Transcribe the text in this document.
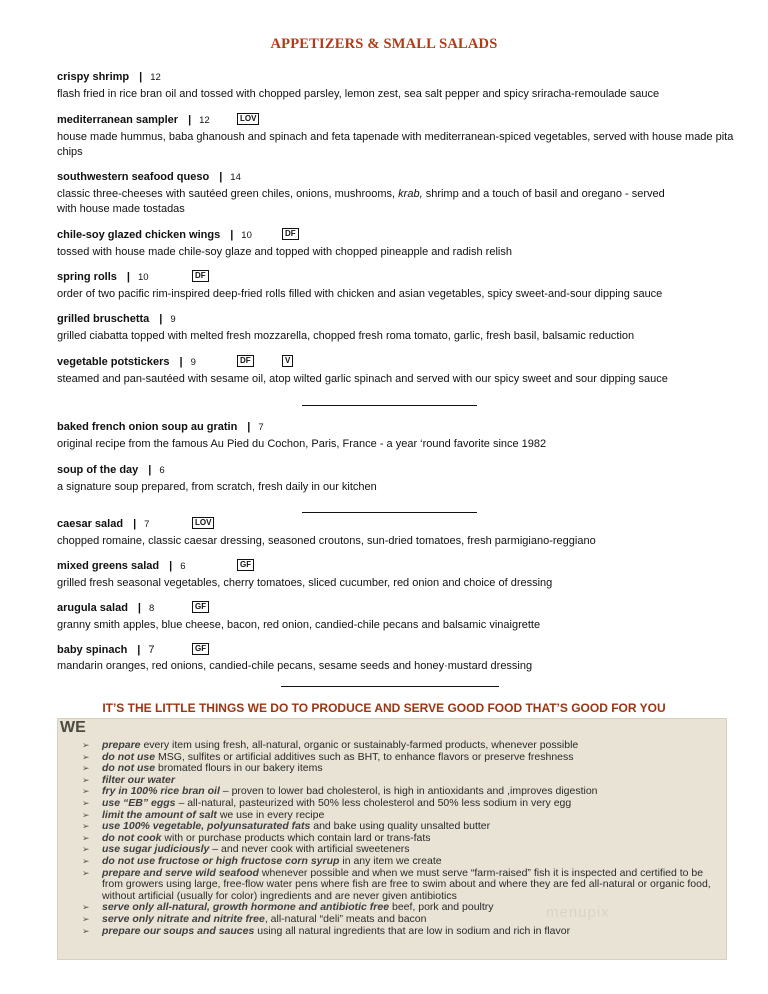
APPETIZERS & SMALL SALADS
crispy shrimp | 12
flash fried in rice bran oil and tossed with chopped parsley, lemon zest, sea salt pepper and spicy sriracha-remoulade sauce
mediterranean sampler | 12	LOV
house made hummus, baba ghanoush and spinach and feta tapenade with mediterranean-spiced vegetables, served with house made pita chips
southwestern seafood queso | 14
classic three-cheeses with sautéed green chiles, onions, mushrooms, krab, shrimp and a touch of basil and oregano - served with house made tostadas
chile-soy glazed chicken wings | 10	DF
tossed with house made chile-soy glaze and topped with chopped pineapple and radish relish
spring rolls | 10	DF
order of two pacific rim-inspired deep-fried rolls filled with chicken and asian vegetables, spicy sweet-and-sour dipping sauce
grilled bruschetta | 9
grilled ciabatta topped with melted fresh mozzarella, chopped fresh roma tomato, garlic, fresh basil, balsamic reduction
vegetable potstickers | 9	DF	V
steamed and pan-sautéed with sesame oil, atop wilted garlic spinach and served with our spicy sweet and sour dipping sauce
baked french onion soup au gratin | 7
original recipe from the famous Au Pied du Cochon, Paris, France - a year ‘round favorite since 1982
soup of the day | 6
a signature soup prepared, from scratch, fresh daily in our kitchen
caesar salad | 7	LOV
chopped romaine, classic caesar dressing, seasoned croutons, sun-dried tomatoes, fresh parmigiano-reggiano
mixed greens salad | 6	GF
grilled fresh seasonal vegetables, cherry tomatoes, sliced cucumber, red onion and choice of dressing
arugula salad | 8	GF
granny smith apples, blue cheese, bacon, red onion, candied-chile pecans and balsamic vinaigrette
baby spinach | 7	GF
mandarin oranges, red onions, candied-chile pecans, sesame seeds and honey·mustard dressing
IT’S THE LITTLE THINGS WE DO TO PRODUCE AND SERVE GOOD FOOD THAT’S GOOD FOR YOU
WE
➢ prepare every item using fresh, all-natural, organic or sustainably-farmed products, whenever possible
➢ do not use MSG, sulfites or artificial additives such as BHT, to enhance flavors or preserve freshness
➢ do not use bromated flours in our bakery items
➢ filter our water
➢ fry in 100% rice bran oil – proven to lower bad cholesterol, is high in antioxidants and ,improves digestion
➢ use “EB” eggs – all-natural, pasteurized with 50% less cholesterol and 50% less sodium in very egg
➢ limit the amount of salt we use in every recipe
➢ use 100% vegetable, polyunsaturated fats and bake using quality unsalted butter
➢ do not cook with or purchase products which contain lard or trans-fats
➢ use sugar judiciously – and never cook with artificial sweeteners
➢ do not use fructose or high fructose corn syrup in any item we create
➢ prepare and serve wild seafood whenever possible and when we must serve “farm-raised” fish it is inspected and certified to be from growers using large, free-flow water pens where fish are free to swim about and where they are fed all-natural or organic food, without artificial (usually for color) ingredients and are never given antibiotics
➢ serve only all-natural, growth hormone and antibiotic free beef, pork and poultry
➢ serve only nitrate and nitrite free, all-natural “deli” meats and bacon
➢ prepare our soups and sauces using all natural ingredients that are low in sodium and rich in flavor
menupix
